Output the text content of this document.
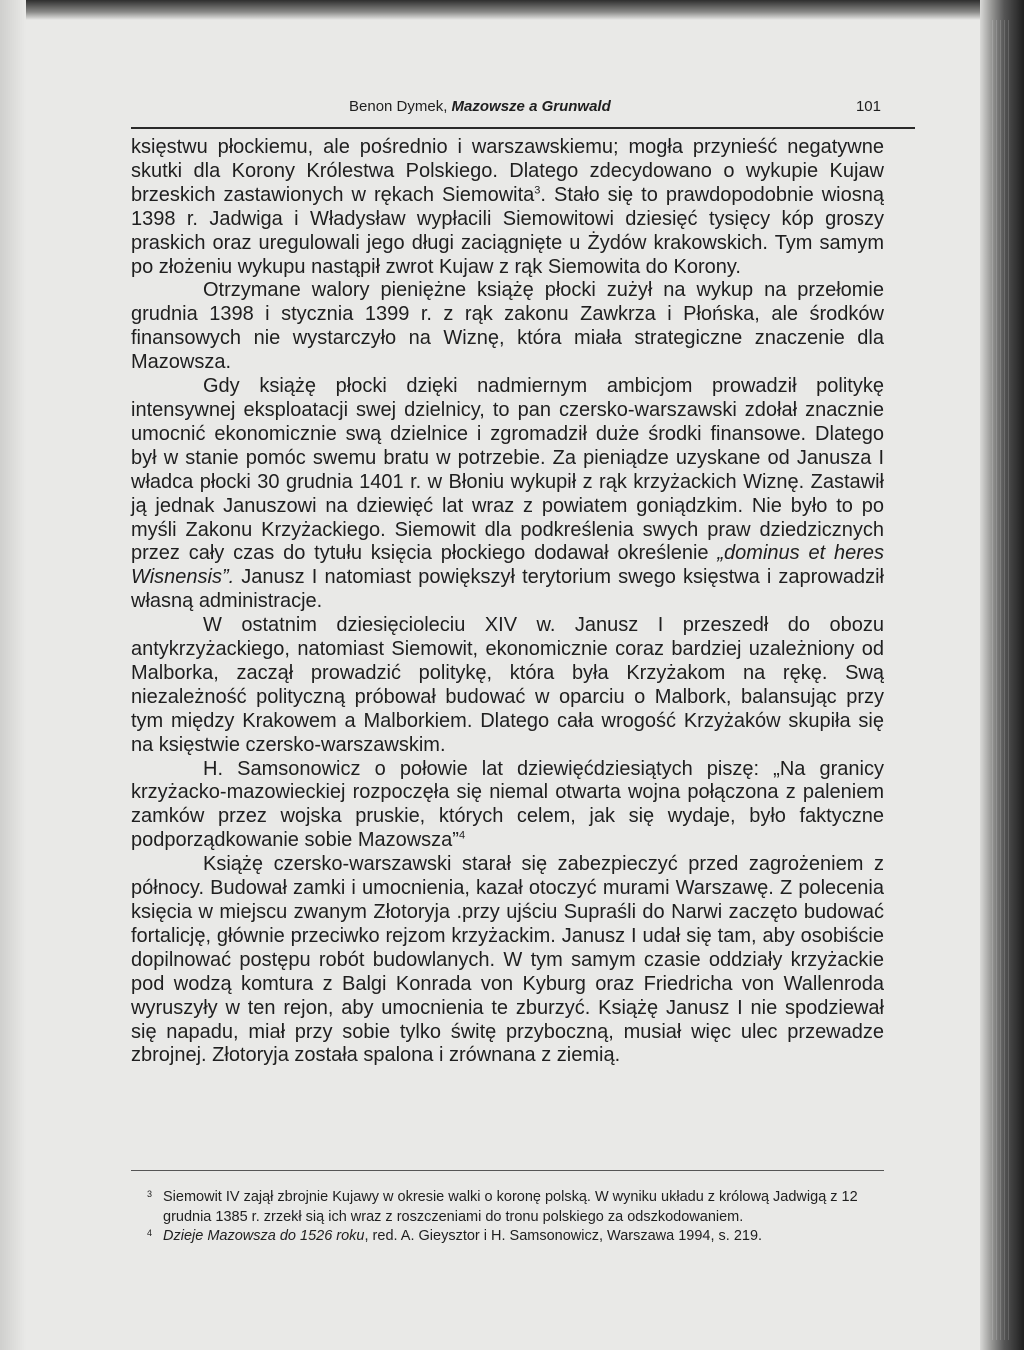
Benon Dymek, Mazowsze a Grunwald	101

księstwu płockiemu, ale pośrednio i warszawskiemu; mogła przynieść negatywne skutki dla Korony Królestwa Polskiego. Dlatego zdecydowano o wykupie Kujaw brzeskich zastawionych w rękach Siemowita$^3$. Stało się to prawdopodobnie wiosną 1398 r. Jadwiga i Władysław wypłacili Siemowitowi dziesięć tysięcy kóp groszy praskich oraz uregulowali jego długi zaciągnięte u Żydów krakowskich. Tym samym po złożeniu wykupu nastąpił zwrot Kujaw z rąk Siemowita do Korony.

Otrzymane walory pieniężne książę płocki zużył na wykup na przełomie grudnia 1398 i stycznia 1399 r. z rąk zakonu Zawkrza i Płońska, ale środków finansowych nie wystarczyło na Wiznę, która miała strategiczne znaczenie dla Mazowsza.

Gdy książę płocki dzięki nadmiernym ambicjom prowadził politykę intensywnej eksploatacji swej dzielnicy, to pan czersko-warszawski zdołał znacznie umocnić ekonomicznie swą dzielnice i zgromadził duże środki finansowe. Dlatego był w stanie pomóc swemu bratu w potrzebie. Za pieniądze uzyskane od Janusza I władca płocki 30 grudnia 1401 r. w Błoniu wykupił z rąk krzyżackich Wiznę. Zastawił ją jednak Januszowi na dziewięć lat wraz z powiatem goniądzkim. Nie było to po myśli Zakonu Krzyżackiego. Siemowit dla podkreślenia swych praw dziedzicznych przez cały czas do tytułu księcia płockiego dodawał określenie „dominus et heres Wisnensis”. Janusz I natomiast powiększył terytorium swego księstwa i zaprowadził własną administracje.

W ostatnim dziesięcioleciu XIV w. Janusz I przeszedł do obozu antykrzyżackiego, natomiast Siemowit, ekonomicznie coraz bardziej uzależniony od Malborka, zaczął prowadzić politykę, która była Krzyżakom na rękę. Swą niezależność polityczną próbował budować w oparciu o Malbork, balansując przy tym między Krakowem a Malborkiem. Dlatego cała wrogość Krzyżaków skupiła się na księstwie czersko-warszawskim.

H. Samsonowicz o połowie lat dziewięćdziesiątych piszę: „Na granicy krzyżacko-mazowieckiej rozpoczęła się niemal otwarta wojna połączona z paleniem zamków przez wojska pruskie, których celem, jak się wydaje, było faktyczne podporządkowanie sobie Mazowsza”$^4$

Książę czersko-warszawski starał się zabezpieczyć przed zagrożeniem z północy. Budował zamki i umocnienia, kazał otoczyć murami Warszawę. Z polecenia księcia w miejscu zwanym Złotoryja .przy ujściu Supraśli do Narwi zaczęto budować fortalicję, głównie przeciwko rejzom krzyżackim. Janusz I udał się tam, aby osobiście dopilnować postępu robót budowlanych. W tym samym czasie oddziały krzyżackie pod wodzą komtura z Balgi Konrada von Kyburg oraz Friedricha von Wallenroda wyruszyły w ten rejon, aby umocnienia te zburzyć. Książę Janusz I nie spodziewał się napadu, miał przy sobie tylko świtę przyboczną, musiał więc ulec przewadze zbrojnej. Złotoryja została spalona i zrównana z ziemią.

3 Siemowit IV zajął zbrojnie Kujawy w okresie walki o koronę polską. W wyniku układu z królową Jadwigą z 12 grudnia 1385 r. zrzekł sią ich wraz z roszczeniami do tronu polskiego za odszkodowaniem.
4 Dzieje Mazowsza do 1526 roku, red. A. Gieysztor i H. Samsonowicz, Warszawa 1994, s. 219.
